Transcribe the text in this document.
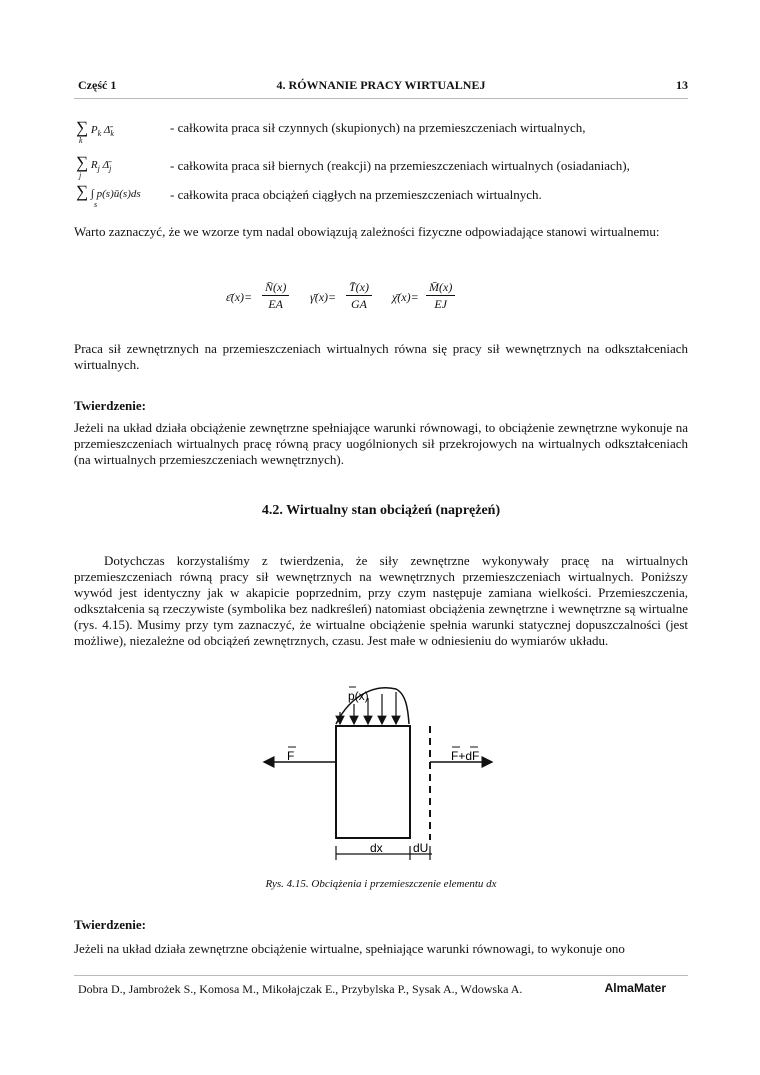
Część 1	4. RÓWNANIE PRACY WIRTUALNEJ	13
∑ $P_k$ $\Deltā_k$
k
- całkowita praca sił czynnych (skupionych) na przemieszczeniach wirtualnych,
∑ $R_j$ $\Deltā_j$
j
- całkowita praca sił biernych (reakcji) na przemieszczeniach wirtualnych (osiadaniach),
∑ ∫ p(s)ū(s)ds
s
- całkowita praca obciążeń ciągłych na przemieszczeniach wirtualnych.
Warto zaznaczyć, że we wzorze tym nadal obowiązują zależności fizyczne odpowiadające stanowi wirtualnemu:
ε̄(x)= $\frac{N̄(x)}{EA}$ γ̄(x)= $\frac{T̄(x)}{GA}$ χ̄(x)= $\frac{M̄(x)}{EJ}$
Praca sił zewnętrznych na przemieszczeniach wirtualnych równa się pracy sił wewnętrznych na odkształceniach wirtualnych.
Twierdzenie:
Jeżeli na układ działa obciążenie zewnętrzne spełniające warunki równowagi, to obciążenie zewnętrzne wykonuje na przemieszczeniach wirtualnych pracę równą pracy uogólnionych sił przekrojowych na wirtualnych odkształceniach (na wirtualnych przemieszczeniach wewnętrznych).
4.2. Wirtualny stan obciążeń (naprężeń)
Dotychczas korzystaliśmy z twierdzenia, że siły zewnętrzne wykonywały pracę na wirtualnych przemieszczeniach równą pracy sił wewnętrznych na wewnętrznych przemieszczeniach wirtualnych. Poniższy wywód jest identyczny jak w akapicie poprzednim, przy czym następuje zamiana wielkości. Przemieszczenia, odkształcenia są rzeczywiste (symbolika bez nadkreśleń) natomiast obciążenia zewnętrzne i wewnętrzne są wirtualne (rys. 4.15). Musimy przy tym zaznaczyć, że wirtualne obciążenie spełnia warunki statycznej dopuszczalności (jest możliwe), niezależne od obciążeń zewnętrznych, czasu. Jest małe w odniesieniu do wymiarów układu.
F	F+dF
p(x)
dx	dU
Rys. 4.15. Obciążenia i przemieszczenie elementu dx
Twierdzenie:
Jeżeli na układ działa zewnętrzne obciążenie wirtualne, spełniające warunki równowagi, to wykonuje ono
Dobra D., Jambrożek S., Komosa M., Mikołajczak E., Przybylska P., Sysak A., Wdowska A.	AlmaMater
